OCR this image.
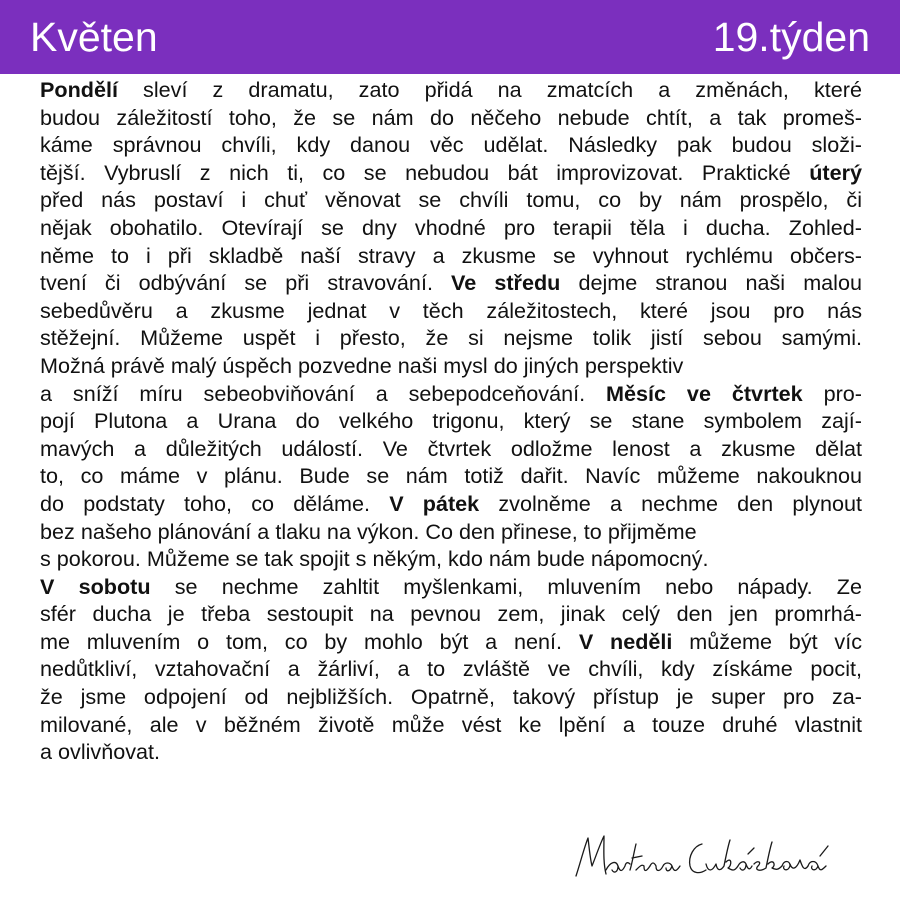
Květen	19.týden
Pondělí sleví z dramatu, zato přidá na zmatcích a změnách, které
budou záležitostí toho, že se nám do něčeho nebude chtít, a tak promeš-
káme správnou chvíli, kdy danou věc udělat. Následky pak budou složi-
tější. Vybruslí z nich ti, co se nebudou bát improvizovat. Praktické úterý
před nás postaví i chuť věnovat se chvíli tomu, co by nám prospělo, či
nějak obohatilo. Otevírají se dny vhodné pro terapii těla i ducha. Zohled-
něme to i při skladbě naší stravy a zkusme se vyhnout rychlému občers-
tvení či odbývání se při stravování. Ve středu dejme stranou naši malou
sebedůvěru a zkusme jednat v těch záležitostech, které jsou pro nás
stěžejní. Můžeme uspět i přesto, že si nejsme tolik jistí sebou samými.
Možná právě malý úspěch pozvedne naši mysl do jiných perspektiv
a sníží míru sebeobviňování a sebepodceňování. Měsíc ve čtvrtek pro-
pojí Plutona a Urana do velkého trigonu, který se stane symbolem zají-
mavých a důležitých událostí. Ve čtvrtek odložme lenost a zkusme dělat
to, co máme v plánu. Bude se nám totiž dařit. Navíc můžeme nakouknou
do podstaty toho, co děláme. V pátek zvolněme a nechme den plynout
bez našeho plánování a tlaku na výkon. Co den přinese, to přijměme
s pokorou. Můžeme se tak spojit s někým, kdo nám bude nápomocný.
V sobotu se nechme zahltit myšlenkami, mluvením nebo nápady. Ze
sfér ducha je třeba sestoupit na pevnou zem, jinak celý den jen promrhá-
me mluvením o tom, co by mohlo být a není. V neděli můžeme být víc
nedůtkliví, vztahovační a žárliví, a to zvláště ve chvíli, kdy získáme pocit,
že jsme odpojení od nejbližších. Opatrně, takový přístup je super pro za-
milované, ale v běžném životě může vést ke lpění a touze druhé vlastnit
a ovlivňovat.
